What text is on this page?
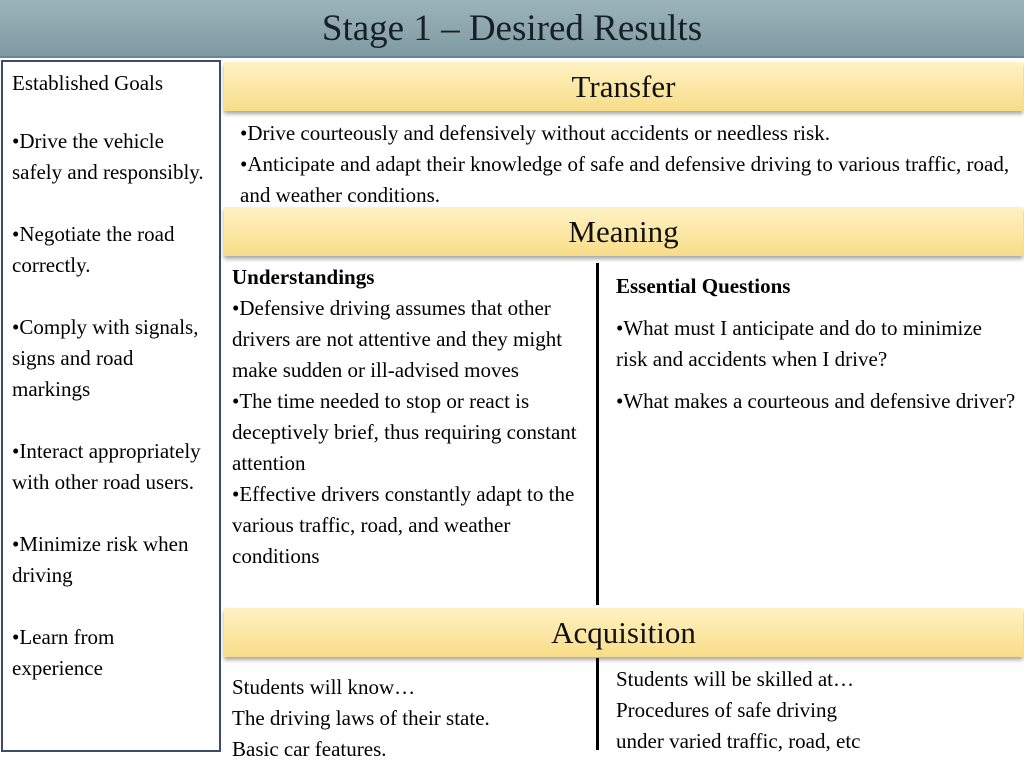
Stage 1 – Desired Results

Established Goals

•Drive the vehicle safely and responsibly.

•Negotiate the road correctly.

•Comply with signals, signs and road markings

•Interact appropriately with other road users.

•Minimize risk when driving

•Learn from experience

Transfer

•Drive courteously and defensively without accidents or needless risk.

•Anticipate and adapt their knowledge of safe and defensive driving to various traffic, road, and weather conditions.

Meaning

Understandings

•Defensive driving assumes that other drivers are not attentive and they might make sudden or ill-advised moves

•The time needed to stop or react is deceptively brief, thus requiring constant attention

•Effective drivers constantly adapt to the various traffic, road, and weather conditions

Essential Questions

•What must I anticipate and do to minimize risk and accidents when I drive?

•What makes a courteous and defensive driver?

Acquisition

Students will know…

The driving laws of their state.

Basic car features.

Students will be skilled at…

Procedures of safe driving

under varied traffic, road, etc
